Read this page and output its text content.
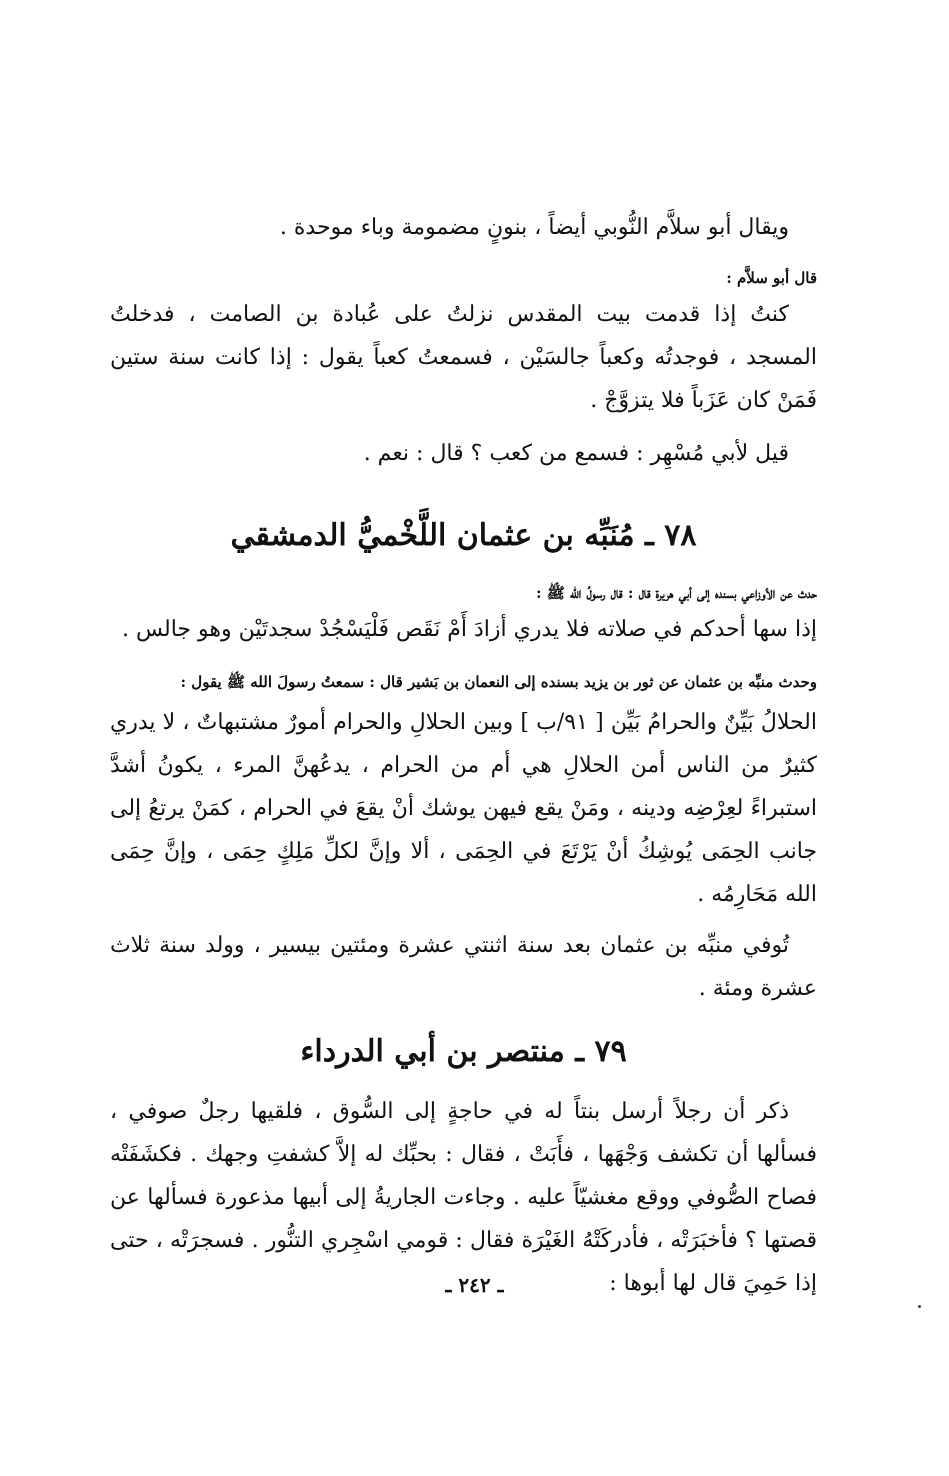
ويقال أبو سلاَّم النُّوبي أيضاً ، بنونٍ مضمومة وباء موحدة .

قال أبو سلاَّم :

كنتُ إذا قدمت بيت المقدس نزلتُ على عُبادة بن الصامت ، فدخلتُ المسجد ، فوجدتُه وكعباً جالسَيْن ، فسمعتُ كعباً يقول : إذا كانت سنة ستين فَمَنْ كان عَزَباً فلا يتزوَّجْ .

قيل لأبي مُسْهِر : فسمع من كعب ؟ قال : نعم .

٧٨ ـ مُنَبِّه بن عثمان اللَّخْميُّ الدمشقي

حدث عن الأوزاعي بسنده إلى أبي هريرة قال : قال رسولُ الله ﷺ :

إذا سها أحدكم في صلاته فلا يدري أزادَ أَمْ نَقَص فَلْيَسْجُدْ سجدتَيْن وهو جالس .

وحدث منبِّه بن عثمان عن ثور بن يزيد بسنده إلى النعمان بن بَشير قال : سمعتُ رسولَ الله ﷺ يقول :

الحلالُ بَيِّنٌ والحرامُ بَيِّن [ ٩١/ب ] وبين الحلالِ والحرام أمورٌ مشتبهاتٌ ، لا يدري كثيرٌ من الناس أمن الحلالِ هي أم من الحرام ، يدعُهنَّ المرء ، يكونُ أشدَّ استبراءً لعِرْضِه ودينه ، ومَنْ يقع فيهن يوشك أنْ يقعَ في الحرام ، كمَنْ يرتعُ إلى جانب الحِمَى يُوشِكُ أنْ يَرْتَعَ في الحِمَى ، ألا وإنَّ لكلِّ مَلِكٍ حِمَى ، وإنَّ حِمَى الله مَحَارِمُه .

تُوفي منبِّه بن عثمان بعد سنة اثنتي عشرة ومئتين بيسير ، وولد سنة ثلاث عشرة ومئة .

٧٩ ـ منتصر بن أبي الدرداء

ذكر أن رجلاً أرسل بنتاً له في حاجةٍ إلى السُّوق ، فلقيها رجلٌ صوفي ، فسألها أن تكشف وَجْهَها ، فأَبَتْ ، فقال : بحبِّك له إلاَّ كشفتِ وجهك . فكشَفَتْه فصاح الصُّوفي ووقع مغشيّاً عليه . وجاءت الجاريةُ إلى أبيها مذعورة فسألها عن قصتها ؟ فأخبَرَتْه ، فأدركَتْهُ الغَيْرَة فقال : قومي اسْجِري التنُّور . فسجرَتْه ، حتى إذا حَمِيَ قال لها أبوها :

ـ ٢٤٢ ـ
